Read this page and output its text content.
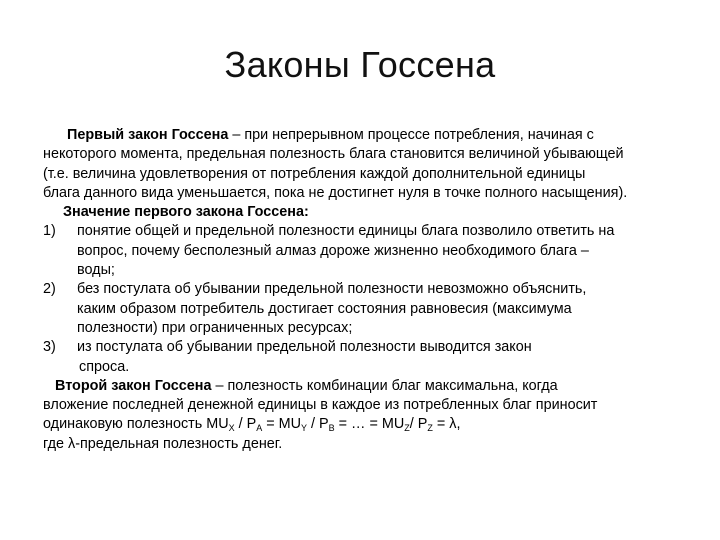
Законы Госсена
Первый закон Госсена – при непрерывном процессе потребления, начиная с
некоторого момента, предельная полезность блага становится величиной убывающей
(т.е. величина удовлетворения от потребления каждой дополнительной единицы
блага данного вида уменьшается, пока не достигнет нуля в точке полного насыщения).
Значение первого закона Госсена:
1) понятие общей и предельной полезности единицы блага позволило ответить на
вопрос, почему бесполезный алмаз дороже жизненно необходимого блага –
воды;
2) без постулата об убывании предельной полезности невозможно объяснить,
каким образом потребитель достигает состояния равновесия (максимума
полезности) при ограниченных ресурсах;
3) из постулата об убывании предельной полезности выводится закон
спроса.
Второй закон Госсена – полезность комбинации благ максимальна, когда
вложение последней денежной единицы в каждое из потребленных благ приносит
одинаковую полезность $MU_X / P_A = MU_Y / P_B$ = … = $MU_Z/$ $P_Z = \lambda$,
где λ-предельная полезность денег.
